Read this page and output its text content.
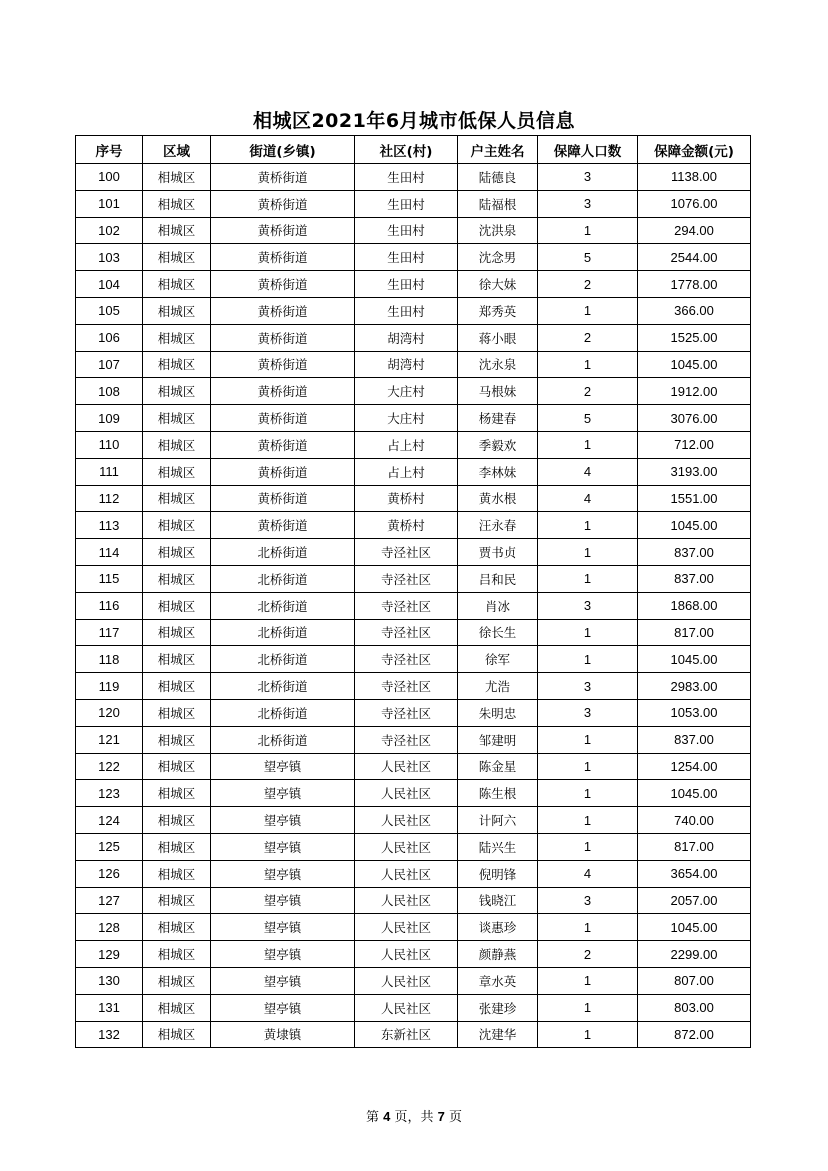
相城区2021年6月城市低保人员信息
序号	区域	街道(乡镇)	社区(村)	户主姓名	保障人口数	保障金额(元)
100	相城区	黄桥街道	生田村	陆德良	3	1138.00
101	相城区	黄桥街道	生田村	陆福根	3	1076.00
102	相城区	黄桥街道	生田村	沈洪泉	1	294.00
103	相城区	黄桥街道	生田村	沈念男	5	2544.00
104	相城区	黄桥街道	生田村	徐大妹	2	1778.00
105	相城区	黄桥街道	生田村	郑秀英	1	366.00
106	相城区	黄桥街道	胡湾村	蒋小眼	2	1525.00
107	相城区	黄桥街道	胡湾村	沈永泉	1	1045.00
108	相城区	黄桥街道	大庄村	马根妹	2	1912.00
109	相城区	黄桥街道	大庄村	杨建春	5	3076.00
110	相城区	黄桥街道	占上村	季毅欢	1	712.00
111	相城区	黄桥街道	占上村	李林妹	4	3193.00
112	相城区	黄桥街道	黄桥村	黄水根	4	1551.00
113	相城区	黄桥街道	黄桥村	汪永春	1	1045.00
114	相城区	北桥街道	寺泾社区	贾书贞	1	837.00
115	相城区	北桥街道	寺泾社区	吕和民	1	837.00
116	相城区	北桥街道	寺泾社区	肖冰	3	1868.00
117	相城区	北桥街道	寺泾社区	徐长生	1	817.00
118	相城区	北桥街道	寺泾社区	徐军	1	1045.00
119	相城区	北桥街道	寺泾社区	尤浩	3	2983.00
120	相城区	北桥街道	寺泾社区	朱明忠	3	1053.00
121	相城区	北桥街道	寺泾社区	邹建明	1	837.00
122	相城区	望亭镇	人民社区	陈金星	1	1254.00
123	相城区	望亭镇	人民社区	陈生根	1	1045.00
124	相城区	望亭镇	人民社区	计阿六	1	740.00
125	相城区	望亭镇	人民社区	陆兴生	1	817.00
126	相城区	望亭镇	人民社区	倪明锋	4	3654.00
127	相城区	望亭镇	人民社区	钱晓江	3	2057.00
128	相城区	望亭镇	人民社区	谈惠珍	1	1045.00
129	相城区	望亭镇	人民社区	颜静燕	2	2299.00
130	相城区	望亭镇	人民社区	章水英	1	807.00
131	相城区	望亭镇	人民社区	张建珍	1	803.00
132	相城区	黄埭镇	东新社区	沈建华	1	872.00
第 4 页，共 7 页
